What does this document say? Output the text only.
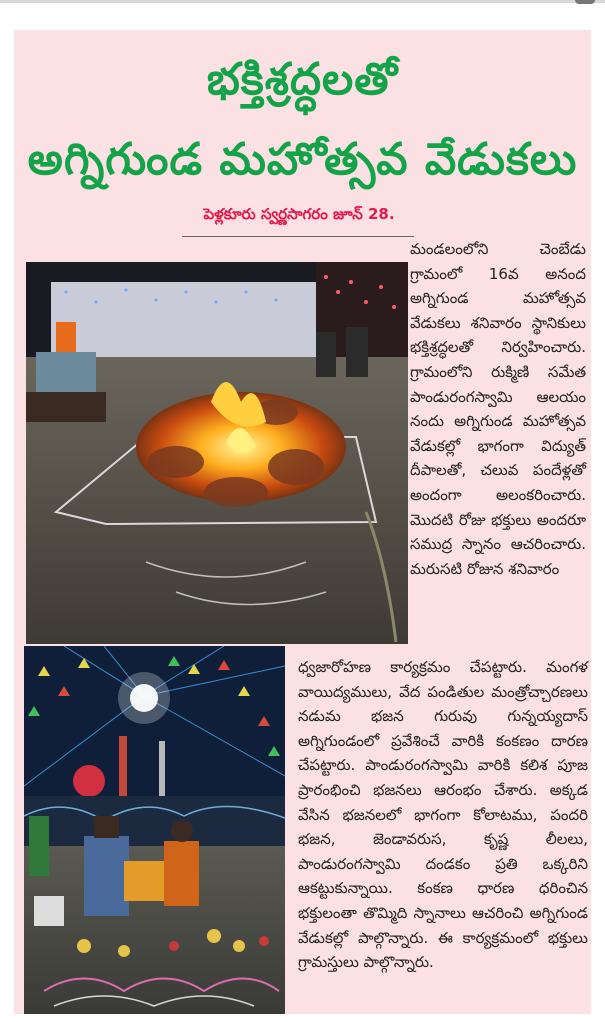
భక్తిశ్రద్ధలతో
అగ్నిగుండ మహోత్సవ వేడుకలు
పెళ్లకూరు స్వర్ణసాగరం జూన్ 28.
మండలంలోని చెంబేడు గ్రామంలో 16వ అనంద అగ్నిగుండ మహోత్సవ వేడుకలు శనివారం స్థానికులు భక్తిశ్రద్ధలతో నిర్వహించారు. గ్రామంలోని రుక్మిణి సమేత పాండురంగస్వామి ఆలయం నందు అగ్నిగుండ మహోత్సవ వేడుకల్లో భాగంగా విద్యుత్ దీపాలతో, చలువ పందేళ్లతో అందంగా అలంకరించారు. మొదటి రోజు భక్తులు అందరూ సముద్ర స్నానం ఆచరించారు. మరుసటి రోజున శనివారం
ధ్వజారోహణ కార్యక్రమం చేపట్టారు. మంగళ వాయిద్యములు, వేద పండితుల మంత్రోచ్చారణలు నడుమ భజన గురువు గున్నయ్యదాస్ అగ్నిగుండంలో ప్రవేశించే వారికి కంకణం దారణ చేపట్టారు. పాండురంగస్వామి వారికి కలిశ పూజ ప్రారంభించి భజనలు ఆరంభం చేశారు. అక్కడ వేసిన భజనలలో భాగంగా కోలాటము, పందరి భజన, జెండావరుస, కృష్ణ లీలలు, పాండురంగస్వామి దండకం ప్రతి ఒక్కరిని ఆకట్టుకున్నాయి. కంకణ ధారణ ధరించిన భక్తులంతా తొమ్మిది స్నానాలు ఆచరించి అగ్నిగుండ వేడుకల్లో పాల్గొన్నారు. ఈ కార్యక్రమంలో భక్తులు గ్రామస్తులు పాల్గొన్నారు.
